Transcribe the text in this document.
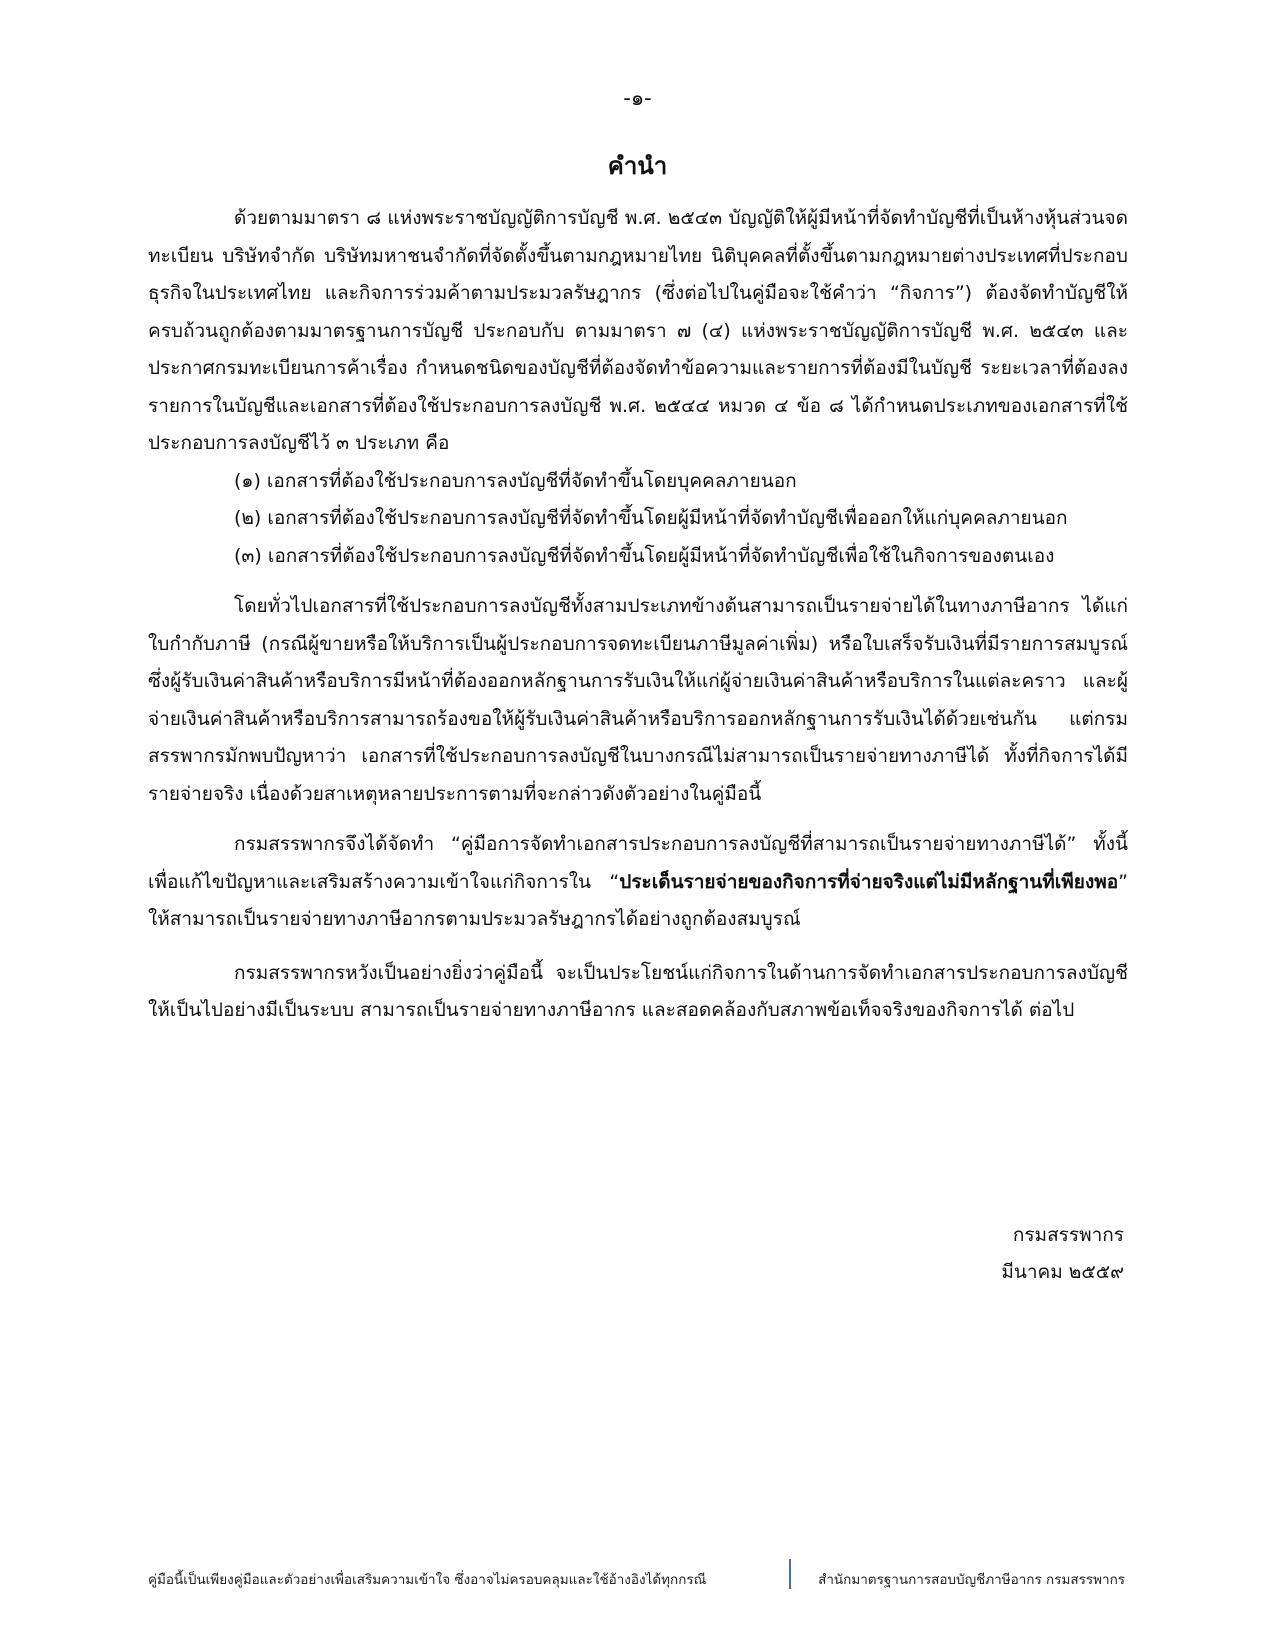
-๑-
คำนำ

ด้วยตามมาตรา ๘ แห่งพระราชบัญญัติการบัญชี พ.ศ. ๒๕๔๓ บัญญัติให้ผู้มีหน้าที่จัดทำบัญชีที่เป็นห้างหุ้นส่วนจดทะเบียน บริษัทจำกัด บริษัทมหาชนจำกัดที่จัดตั้งขึ้นตามกฎหมายไทย นิติบุคคลที่ตั้งขึ้นตามกฎหมายต่างประเทศที่ประกอบธุรกิจในประเทศไทย และกิจการร่วมค้าตามประมวลรัษฎากร (ซึ่งต่อไปในคู่มือจะใช้คำว่า “กิจการ”) ต้องจัดทำบัญชีให้ครบถ้วนถูกต้องตามมาตรฐานการบัญชี ประกอบกับ ตามมาตรา ๗ (๔) แห่งพระราชบัญญัติการบัญชี พ.ศ. ๒๕๔๓ และประกาศกรมทะเบียนการค้าเรื่อง กำหนดชนิดของบัญชีที่ต้องจัดทำข้อความและรายการที่ต้องมีในบัญชี ระยะเวลาที่ต้องลงรายการในบัญชีและเอกสารที่ต้องใช้ประกอบการลงบัญชี พ.ศ. ๒๕๔๔ หมวด ๔ ข้อ ๘ ได้กำหนดประเภทของเอกสารที่ใช้ประกอบการลงบัญชีไว้ ๓ ประเภท คือ

(๑) เอกสารที่ต้องใช้ประกอบการลงบัญชีที่จัดทำขึ้นโดยบุคคลภายนอก

(๒) เอกสารที่ต้องใช้ประกอบการลงบัญชีที่จัดทำขึ้นโดยผู้มีหน้าที่จัดทำบัญชีเพื่อออกให้แก่บุคคลภายนอก

(๓) เอกสารที่ต้องใช้ประกอบการลงบัญชีที่จัดทำขึ้นโดยผู้มีหน้าที่จัดทำบัญชีเพื่อใช้ในกิจการของตนเอง

โดยทั่วไปเอกสารที่ใช้ประกอบการลงบัญชีทั้งสามประเภทข้างต้นสามารถเป็นรายจ่ายได้ในทางภาษีอากร ได้แก่ ใบกำกับภาษี (กรณีผู้ขายหรือให้บริการเป็นผู้ประกอบการจดทะเบียนภาษีมูลค่าเพิ่ม) หรือใบเสร็จรับเงินที่มีรายการสมบูรณ์ ซึ่งผู้รับเงินค่าสินค้าหรือบริการมีหน้าที่ต้องออกหลักฐานการรับเงินให้แก่ผู้จ่ายเงินค่าสินค้าหรือบริการในแต่ละคราว และผู้จ่ายเงินค่าสินค้าหรือบริการสามารถร้องขอให้ผู้รับเงินค่าสินค้าหรือบริการออกหลักฐานการรับเงินได้ด้วยเช่นกัน แต่กรมสรรพากรมักพบปัญหาว่า เอกสารที่ใช้ประกอบการลงบัญชีในบางกรณีไม่สามารถเป็นรายจ่ายทางภาษีได้ ทั้งที่กิจการได้มีรายจ่ายจริง เนื่องด้วยสาเหตุหลายประการตามที่จะกล่าวดังตัวอย่างในคู่มือนี้

กรมสรรพากรจึงได้จัดทำ “คู่มือการจัดทำเอกสารประกอบการลงบัญชีที่สามารถเป็นรายจ่ายทางภาษีได้” ทั้งนี้ เพื่อแก้ไขปัญหาและเสริมสร้างความเข้าใจแก่กิจการใน “ประเด็นรายจ่ายของกิจการที่จ่ายจริงแต่ไม่มีหลักฐานที่เพียงพอ” ให้สามารถเป็นรายจ่ายทางภาษีอากรตามประมวลรัษฎากรได้อย่างถูกต้องสมบูรณ์

กรมสรรพากรหวังเป็นอย่างยิ่งว่าคู่มือนี้ จะเป็นประโยชน์แก่กิจการในด้านการจัดทำเอกสารประกอบการลงบัญชีให้เป็นไปอย่างมีเป็นระบบ สามารถเป็นรายจ่ายทางภาษีอากร และสอดคล้องกับสภาพข้อเท็จจริงของกิจการได้ ต่อไป

กรมสรรพากร
มีนาคม ๒๕๕๙
คู่มือนี้เป็นเพียงคู่มือและตัวอย่างเพื่อเสริมความเข้าใจ ซึ่งอาจไม่ครอบคลุมและใช้อ้างอิงได้ทุกกรณี	สำนักมาตรฐานการสอบบัญชีภาษีอากร กรมสรรพากร
